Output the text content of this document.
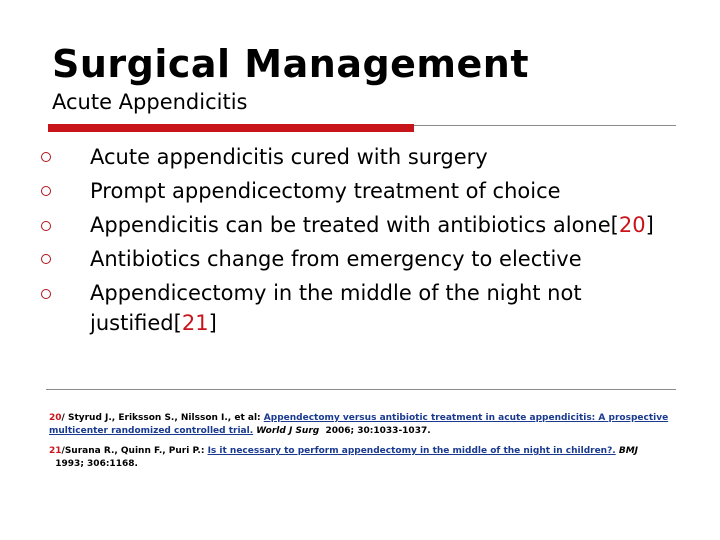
Surgical Management
Acute Appendicitis
Acute appendicitis cured with surgery
Prompt appendicectomy treatment of choice
Appendicitis can be treated with antibiotics alone[20]
Antibiotics change from emergency to elective
Appendicectomy in the middle of the night not justified[21]

20/ Styrud J., Eriksson S., Nilsson I., et al: Appendectomy versus antibiotic treatment in acute appendicitis: A prospective multicenter randomized controlled trial. World J Surg  2006; 30:1033-1037.

21/Surana R., Quinn F., Puri P.: Is it necessary to perform appendectomy in the middle of the night in children?. BMJ  1993; 306:1168.
